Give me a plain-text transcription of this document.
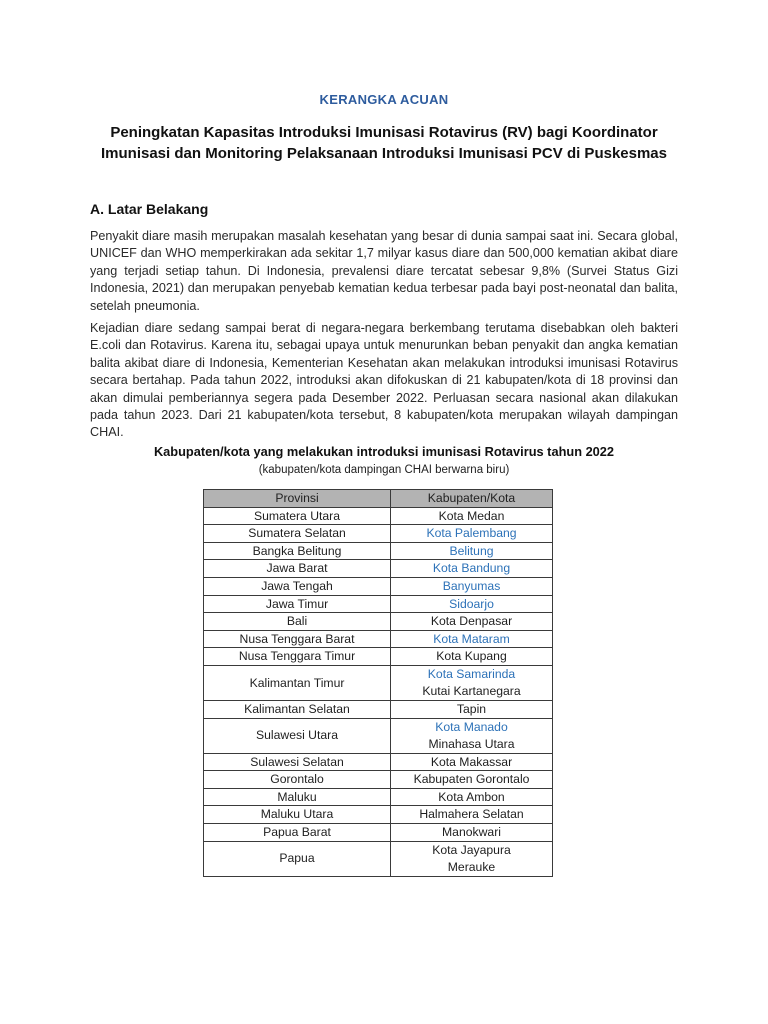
KERANGKA ACUAN
Peningkatan Kapasitas Introduksi Imunisasi Rotavirus (RV) bagi Koordinator Imunisasi dan Monitoring Pelaksanaan Introduksi Imunisasi PCV di Puskesmas
A. Latar Belakang

Penyakit diare masih merupakan masalah kesehatan yang besar di dunia sampai saat ini. Secara global, UNICEF dan WHO memperkirakan ada sekitar 1,7 milyar kasus diare dan 500,000 kematian akibat diare yang terjadi setiap tahun. Di Indonesia, prevalensi diare tercatat sebesar 9,8% (Survei Status Gizi Indonesia, 2021) dan merupakan penyebab kematian kedua terbesar pada bayi post-neonatal dan balita, setelah pneumonia.

Kejadian diare sedang sampai berat di negara-negara berkembang terutama disebabkan oleh bakteri E.coli dan Rotavirus. Karena itu, sebagai upaya untuk menurunkan beban penyakit dan angka kematian balita akibat diare di Indonesia, Kementerian Kesehatan akan melakukan introduksi imunisasi Rotavirus secara bertahap. Pada tahun 2022, introduksi akan difokuskan di 21 kabupaten/kota di 18 provinsi dan akan dimulai pemberiannya segera pada Desember 2022. Perluasan secara nasional akan dilakukan pada tahun 2023. Dari 21 kabupaten/kota tersebut, 8 kabupaten/kota merupakan wilayah dampingan CHAI.

Kabupaten/kota yang melakukan introduksi imunisasi Rotavirus tahun 2022
(kabupaten/kota dampingan CHAI berwarna biru)
Provinsi	Kabupaten/Kota
Sumatera Utara	Kota Medan

Sumatera Selatan	Kota Palembang

Bangka Belitung	Belitung

Jawa Barat	Kota Bandung

Jawa Tengah	Banyumas

Jawa Timur	Sidoarjo

Bali	Kota Denpasar

Nusa Tenggara Barat	Kota Mataram

Nusa Tenggara Timur	Kota Kupang

Kalimantan Timur	Kota Samarinda
Kutai Kartanegara

Kalimantan Selatan	Tapin

Sulawesi Utara	Kota Manado
Minahasa Utara

Sulawesi Selatan	Kota Makassar

Gorontalo	Kabupaten Gorontalo

Maluku	Kota Ambon

Maluku Utara	Halmahera Selatan

Papua Barat	Manokwari

Papua	Kota Jayapura
Merauke
